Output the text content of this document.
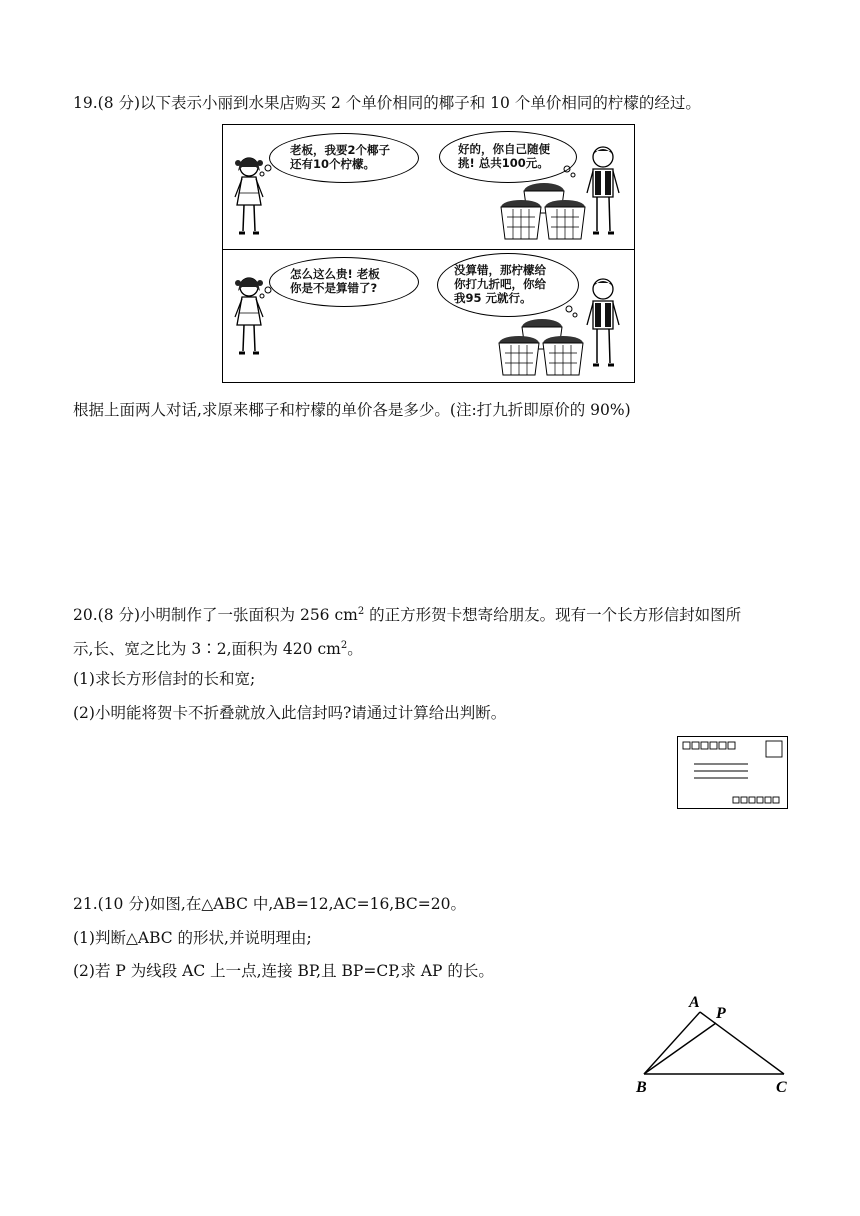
19.(8 分)以下表示小丽到水果店购买 2 个单价相同的椰子和 10 个单价相同的柠檬的经过。
老板，我要2个椰子
还有10个柠檬。
好的，你自己随便
挑! 总共100元。
怎么这么贵! 老板
你是不是算错了?
没算错，那柠檬给
你打九折吧，你给
我95 元就行。
根据上面两人对话,求原来椰子和柠檬的单价各是多少。(注:打九折即原价的 90%)
20.(8 分)小明制作了一张面积为 256 $cm^2$ 的正方形贺卡想寄给朋友。现有一个长方形信封如图所
示,长、宽之比为 3∶2,面积为 420 $cm^2$。
(1)求长方形信封的长和宽;
(2)小明能将贺卡不折叠就放入此信封吗?请通过计算给出判断。
21.(10 分)如图,在△ABC 中,AB=12,AC=16,BC=20。
(1)判断△ABC 的形状,并说明理由;
(2)若 P 为线段 AC 上一点,连接 BP,且 BP=CP,求 AP 的长。
A
P
B	C
